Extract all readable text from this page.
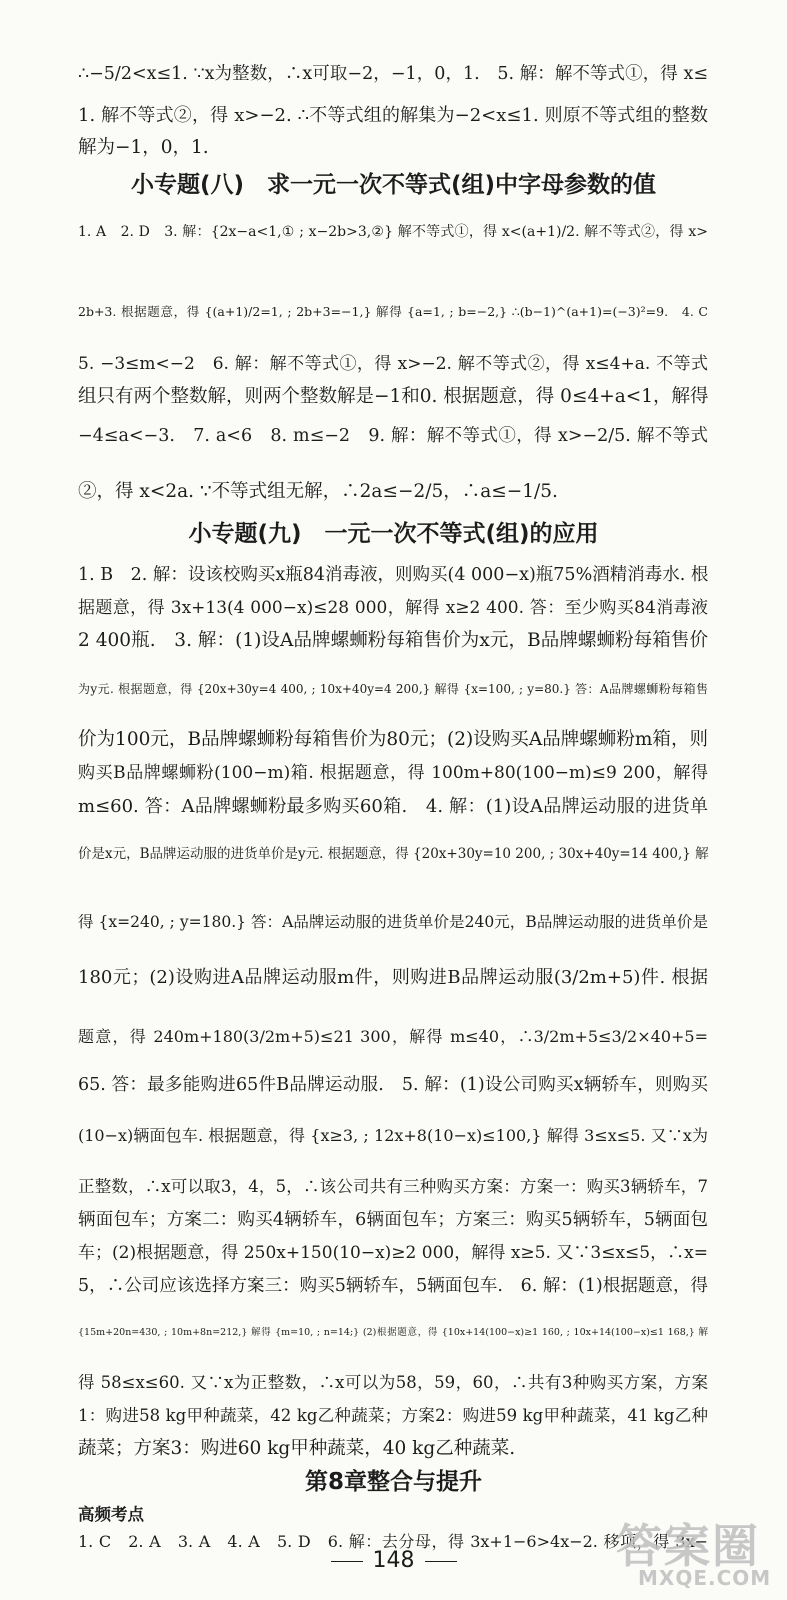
∴−5/2<x≤1. ∵x为整数，∴x可取−2，−1，0，1.　5. 解：解不等式①，得 x≤
1. 解不等式②，得 x>−2. ∴不等式组的解集为−2<x≤1. 则原不等式组的整数
解为−1，0，1.
小专题(八)　求一元一次不等式(组)中字母参数的值
1. A　2. D　3. 解：{2x−a<1,① ; x−2b>3,②} 解不等式①，得 x<(a+1)/2. 解不等式②，得 x>
2b+3. 根据题意，得 {(a+1)/2=1, ; 2b+3=−1,} 解得 {a=1, ; b=−2,} ∴(b−1)^(a+1)=(−3)²=9.　4. C
5. −3≤m<−2　6. 解：解不等式①，得 x>−2. 解不等式②，得 x≤4+a. 不等式
组只有两个整数解，则两个整数解是−1和0. 根据题意，得 0≤4+a<1，解得
−4≤a<−3.　7. a<6　8. m≤−2　9. 解：解不等式①，得 x>−2/5. 解不等式
②，得 x<2a. ∵不等式组无解，∴2a≤−2/5，∴a≤−1/5.
小专题(九)　一元一次不等式(组)的应用
1. B　2. 解：设该校购买x瓶84消毒液，则购买(4 000−x)瓶75%酒精消毒水. 根
据题意，得 3x+13(4 000−x)≤28 000，解得 x≥2 400. 答：至少购买84消毒液
2 400瓶.　3. 解：(1)设A品牌螺蛳粉每箱售价为x元，B品牌螺蛳粉每箱售价
为y元. 根据题意，得 {20x+30y=4 400, ; 10x+40y=4 200,} 解得 {x=100, ; y=80.} 答：A品牌螺蛳粉每箱售
价为100元，B品牌螺蛳粉每箱售价为80元；(2)设购买A品牌螺蛳粉m箱，则
购买B品牌螺蛳粉(100−m)箱. 根据题意，得 100m+80(100−m)≤9 200，解得
m≤60. 答：A品牌螺蛳粉最多购买60箱.　4. 解：(1)设A品牌运动服的进货单
价是x元，B品牌运动服的进货单价是y元. 根据题意，得 {20x+30y=10 200, ; 30x+40y=14 400,} 解
得 {x=240, ; y=180.} 答：A品牌运动服的进货单价是240元，B品牌运动服的进货单价是
180元；(2)设购进A品牌运动服m件，则购进B品牌运动服(3/2m+5)件. 根据
题意，得 240m+180(3/2m+5)≤21 300，解得 m≤40，∴3/2m+5≤3/2×40+5=
65. 答：最多能购进65件B品牌运动服.　5. 解：(1)设公司购买x辆轿车，则购买
(10−x)辆面包车. 根据题意，得 {x≥3, ; 12x+8(10−x)≤100,} 解得 3≤x≤5. 又∵x为
正整数，∴x可以取3，4，5，∴该公司共有三种购买方案：方案一：购买3辆轿车，7
辆面包车；方案二：购买4辆轿车，6辆面包车；方案三：购买5辆轿车，5辆面包
车；(2)根据题意，得 250x+150(10−x)≥2 000，解得 x≥5. 又∵3≤x≤5，∴x=
5，∴公司应该选择方案三：购买5辆轿车，5辆面包车.　6. 解：(1)根据题意，得
{15m+20n=430, ; 10m+8n=212,} 解得 {m=10, ; n=14;} (2)根据题意，得 {10x+14(100−x)≥1 160, ; 10x+14(100−x)≤1 168,} 解
得 58≤x≤60. 又∵x为正整数，∴x可以为58，59，60，∴共有3种购买方案，方案
1：购进58 kg甲种蔬菜，42 kg乙种蔬菜；方案2：购进59 kg甲种蔬菜，41 kg乙种
蔬菜；方案3：购进60 kg甲种蔬菜，40 kg乙种蔬菜.
第8章整合与提升
高频考点
1. C　2. A　3. A　4. A　5. D　6. 解：去分母，得 3x+1−6>4x−2. 移项，得 3x−
148	答案圈
MXQE.COM
